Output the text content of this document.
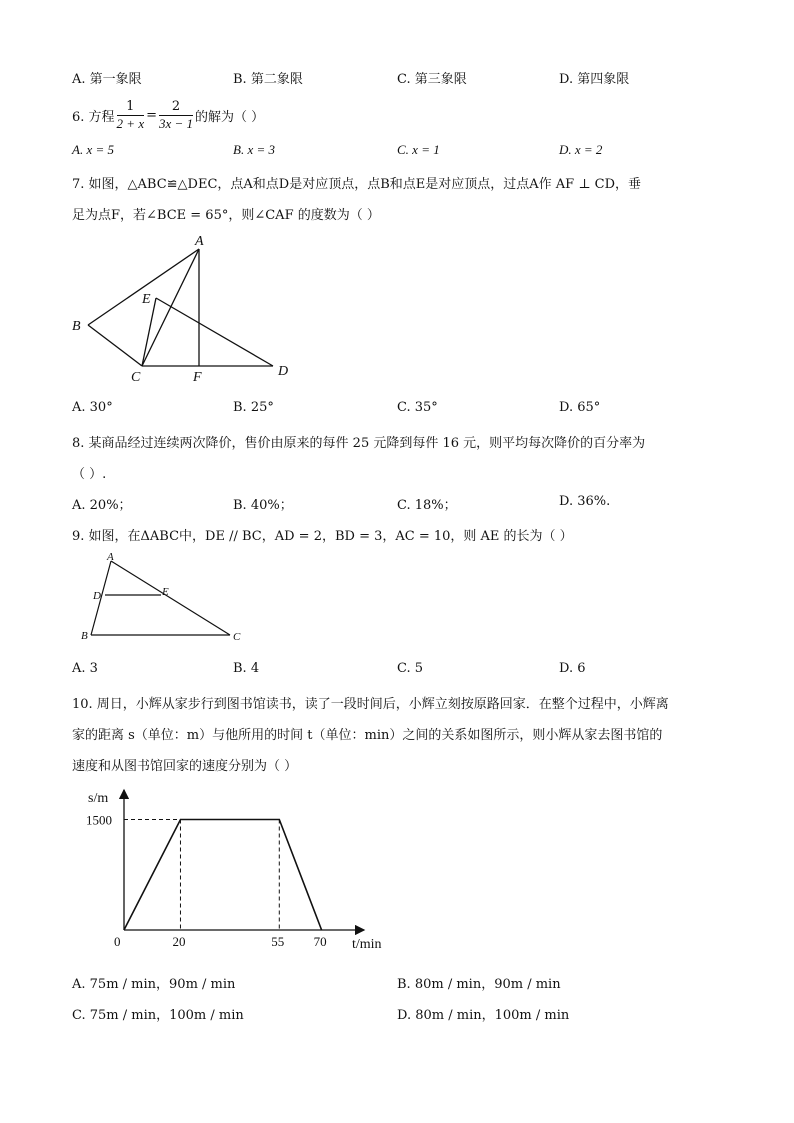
A. 第一象限	B. 第二象限	C. 第三象限	D. 第四象限
6. 方程 $\frac{1}{2 + x} = \frac{2}{3x - 1}$ 的解为（ ）
A. x = 5	B. x = 3	C. x = 1	D. x = 2
7. 如图，△ABC≌△DEC，点A和点D是对应顶点，点B和点E是对应顶点，过点A作 AF ⊥ CD，垂
足为点F，若∠BCE = 65°，则∠CAF 的度数为（ ）
A
B
C	D
E
F
A. 30°	B. 25°	C. 35°	D. 65°
8. 某商品经过连续两次降价，售价由原来的每件 25 元降到每件 16 元，则平均每次降价的百分率为
（ ）.
A. 20%；	B. 40%；	C. 18%；	D. 36%.
9. 如图，在ΔABC中，DE // BC，AD = 2，BD = 3，AC = 10，则 AE 的长为（ ）
A
B	C
D	E
A. 3	B. 4	C. 5	D. 6
10. 周日，小辉从家步行到图书馆读书，读了一段时间后，小辉立刻按原路回家．在整个过程中，小辉离
家的距离 s（单位：m）与他所用的时间 t（单位：min）之间的关系如图所示，则小辉从家去图书馆的
速度和从图书馆回家的速度分别为（ ）
0	20	55 70
1500
s/m
t/min
A. 75m / min，90m / min	B. 80m / min，90m / min
C. 75m / min，100m / min	D. 80m / min，100m / min
